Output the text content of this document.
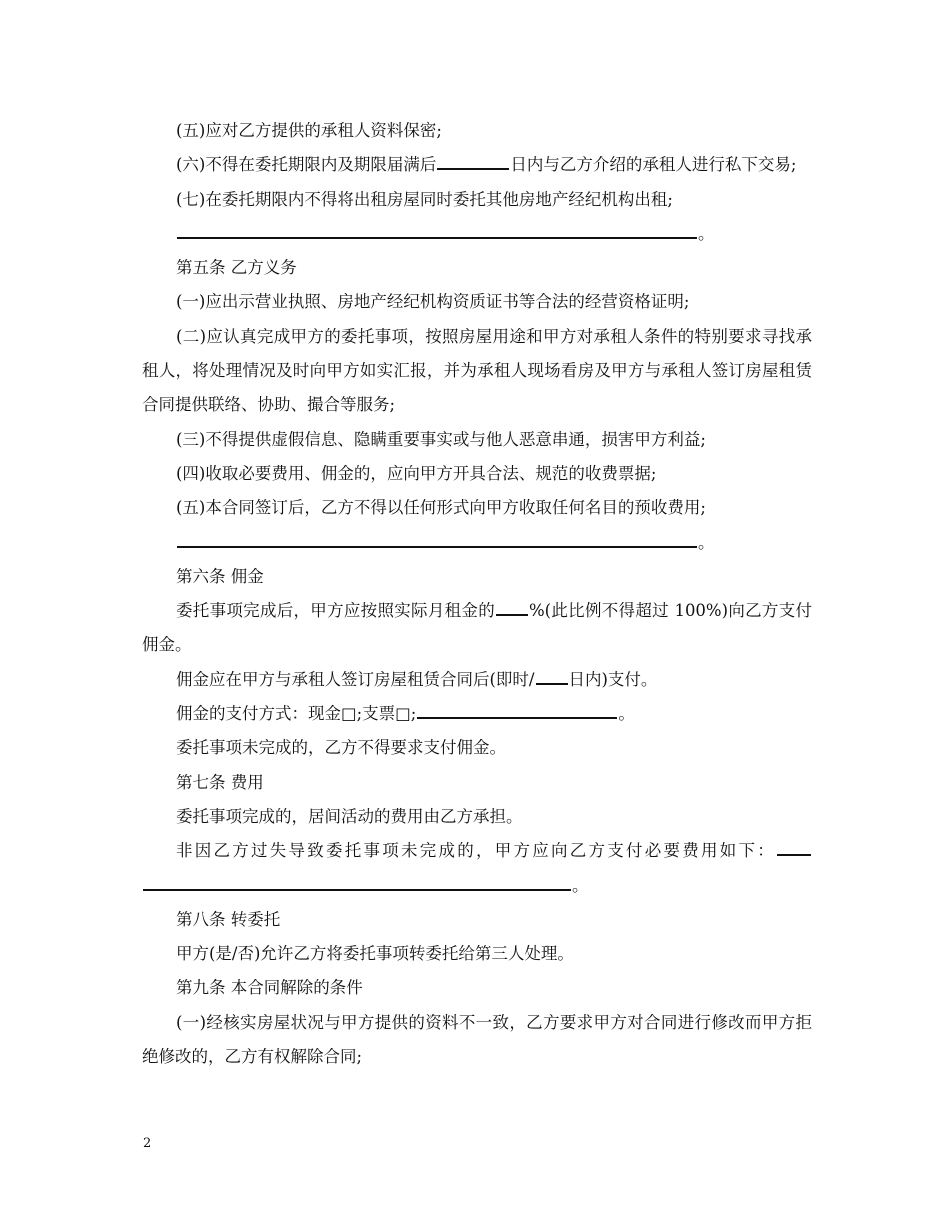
(五)应对乙方提供的承租人资料保密;

(六)不得在委托期限内及期限届满后	日内与乙方介绍的承租人进行私下交易;

(七)在委托期限内不得将出租房屋同时委托其他房地产经纪机构出租;

。

第五条 乙方义务

(一)应出示营业执照、房地产经纪机构资质证书等合法的经营资格证明;

(二)应认真完成甲方的委托事项，按照房屋用途和甲方对承租人条件的特别要求寻找承租人，将处理情况及时向甲方如实汇报，并为承租人现场看房及甲方与承租人签订房屋租赁合同提供联络、协助、撮合等服务;

(三)不得提供虚假信息、隐瞒重要事实或与他人恶意串通，损害甲方利益;

(四)收取必要费用、佣金的，应向甲方开具合法、规范的收费票据;

(五)本合同签订后，乙方不得以任何形式向甲方收取任何名目的预收费用;

。

第六条 佣金

委托事项完成后，甲方应按照实际月租金的 %(此比例不得超过 100%)向乙方支付佣金。

佣金应在甲方与承租人签订房屋租赁合同后(即时/ 日内)支付。

佣金的支付方式：现金□;支票□;	。

委托事项未完成的，乙方不得要求支付佣金。

第七条 费用

委托事项完成的，居间活动的费用由乙方承担。

非因乙方过失导致委托事项未完成的，甲方应向乙方支付必要费用如下：。

第八条 转委托

甲方(是/否)允许乙方将委托事项转委托给第三人处理。

第九条 本合同解除的条件

(一)经核实房屋状况与甲方提供的资料不一致，乙方要求甲方对合同进行修改而甲方拒绝修改的，乙方有权解除合同;

2
